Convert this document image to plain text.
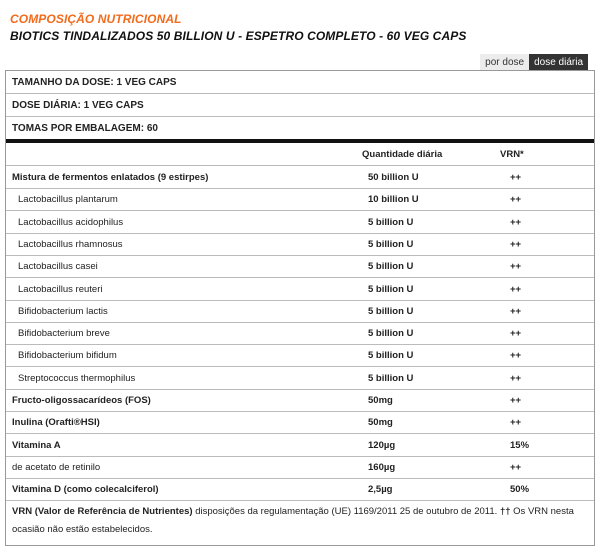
COMPOSIÇÃO NUTRICIONAL
BIOTICS TINDALIZADOS 50 BILLION U - ESPETRO COMPLETO - 60 VEG CAPS
por dose	dose diária
TAMANHO DA DOSE: 1 VEG CAPS
DOSE DIÁRIA: 1 VEG CAPS
TOMAS POR EMBALAGEM: 60
Quantidade diária	VRN*
Mistura de fermentos enlatados (9 estirpes)	50 billion U	++
Lactobacillus plantarum	10 billion U	++
Lactobacillus acidophilus	5 billion U	++
Lactobacillus rhamnosus	5 billion U	++
Lactobacillus casei	5 billion U	++
Lactobacillus reuteri	5 billion U	++
Bifidobacterium lactis	5 billion U	++
Bifidobacterium breve	5 billion U	++
Bifidobacterium bifidum	5 billion U	++
Streptococcus thermophilus	5 billion U	++
Fructo-oligossacarídeos (FOS)	50mg	++
Inulina (Orafti®HSI)	50mg	++
Vitamina A	120µg	15%
de acetato de retinilo	160µg	++
Vitamina D (como colecalciferol)	2,5µg	50%
VRN (Valor de Referência de Nutrientes) disposições da regulamentação (UE) 1169/2011 25 de outubro de 2011. †† Os VRN nesta ocasião não estão estabelecidos.
